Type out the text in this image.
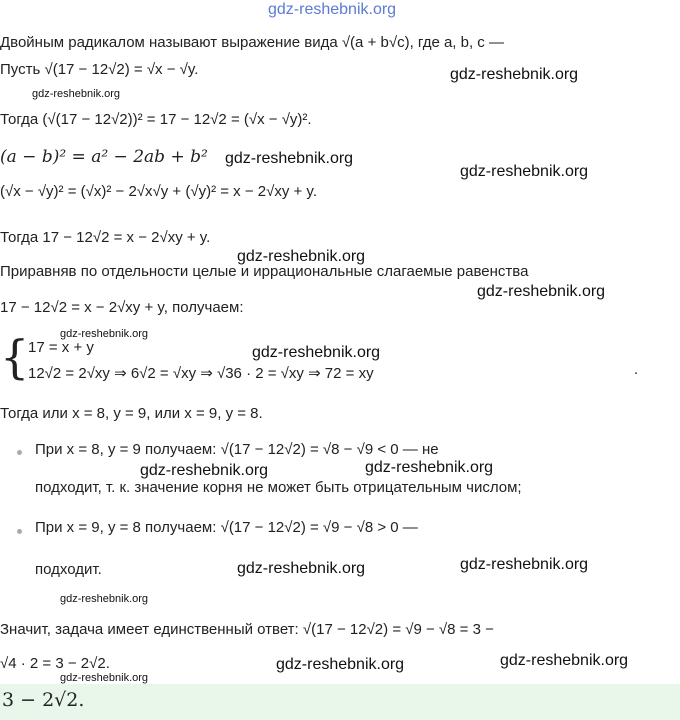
gdz-reshebnik.org
Двойным радикалом называют выражение вида √(a + b√c), где a, b, c —
Пусть √(17 − 12√2) = √x − √y.	gdz-reshebnik.org
gdz-reshebnik.org
Тогда (√(17 − 12√2))² = 17 − 12√2 = (√x − √y)².
(a − b)² = a² − 2ab + b² gdz-reshebnik.org
gdz-reshebnik.org
(√x − √y)² = (√x)² − 2√x√y + (√y)² = x − 2√xy + y.
Тогда 17 − 12√2 = x − 2√xy + y.
gdz-reshebnik.org
Приравняв по отдельности целые и иррациональные слагаемые равенства
gdz-reshebnik.org
17 − 12√2 = x − 2√xy + y, получаем:
gdz-reshebnik.org
{
17 = x + y	gdz-reshebnik.org
12√2 = 2√xy ⇒ 6√2 = √xy ⇒ √36 · 2 = √xy ⇒ 72 = xy	.
Тогда или x = 8, y = 9, или x = 9, y = 8.
При x = 8, y = 9 получаем: √(17 − 12√2) = √8 − √9 < 0 — не
gdz-reshebnik.org	gdz-reshebnik.org
подходит, т. к. значение корня не может быть отрицательным числом;
При x = 9, y = 8 получаем: √(17 − 12√2) = √9 − √8 > 0 —
подходит.	gdz-reshebnik.org	gdz-reshebnik.org
gdz-reshebnik.org
Значит, задача имеет единственный ответ: √(17 − 12√2) = √9 − √8 = 3 −
√4 · 2 = 3 − 2√2.	gdz-reshebnik.org	gdz-reshebnik.org
gdz-reshebnik.org
3 − 2√2.
